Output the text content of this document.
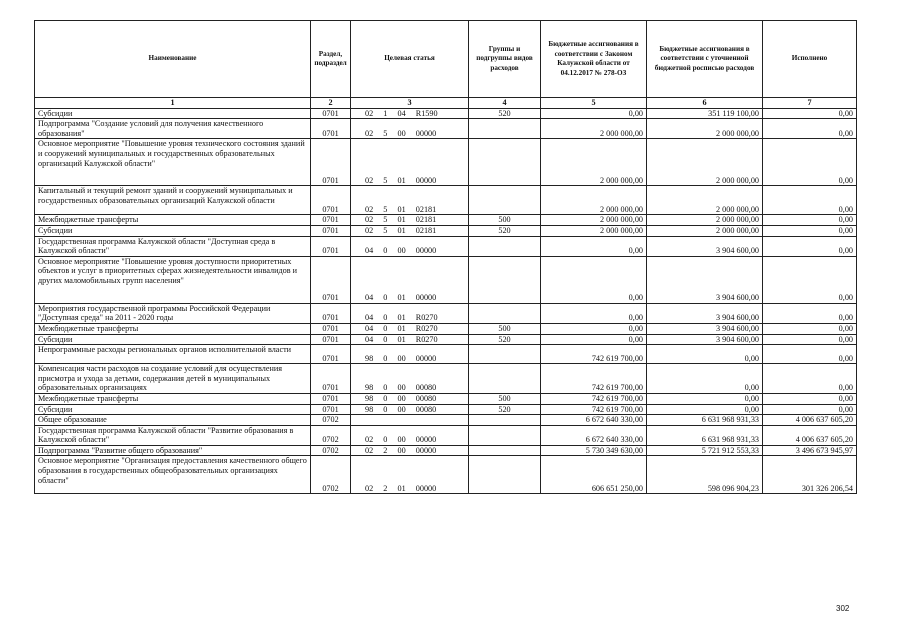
Наименование	Раздел, подраздел	Целевая статья	Группы и подгруппы видов расходов	Бюджетные ассигнования в соответствии с Законом Калужской области от 04.12.2017 № 278-ОЗ	Бюджетные ассигнования в соответствии с уточненной бюджетной росписью расходов	Исполнено
1	2	3	4	5	6	7
Субсидии	0701	02  1  04  R1590	520	0,00	351 119 100,00	0,00
Подпрограмма "Создание условий для получения качественного образования"	0701	02  5  00  00000		2 000 000,00	2 000 000,00	0,00
Основное мероприятие "Повышение уровня технического состояния зданий и сооружений муниципальных и государственных образовательных организаций Калужской области"	0701	02  5  01  00000		2 000 000,00	2 000 000,00	0,00
Капитальный и текущий ремонт зданий и сооружений муниципальных и государственных образовательных организаций Калужской области	0701	02  5  01  02181		2 000 000,00	2 000 000,00	0,00
Межбюджетные трансферты	0701	02  5  01  02181	500	2 000 000,00	2 000 000,00	0,00
Субсидии	0701	02  5  01  02181	520	2 000 000,00	2 000 000,00	0,00
Государственная программа Калужской области "Доступная среда в Калужской области"	0701	04  0  00  00000		0,00	3 904 600,00	0,00
Основное мероприятие "Повышение уровня доступности приоритетных объектов и услуг в приоритетных сферах жизнедеятельности инвалидов и других маломобильных групп населения"	0701	04  0  01  00000		0,00	3 904 600,00	0,00
Мероприятия государственной программы Российской Федерации "Доступная среда" на 2011 - 2020 годы	0701	04  0  01  R0270		0,00	3 904 600,00	0,00
Межбюджетные трансферты	0701	04  0  01  R0270	500	0,00	3 904 600,00	0,00
Субсидии	0701	04  0  01  R0270	520	0,00	3 904 600,00	0,00
Непрограммные расходы региональных органов исполнительной власти	0701	98  0  00  00000		742 619 700,00	0,00	0,00
Компенсация части расходов на создание условий для осуществления присмотра и ухода за детьми, содержания детей в муниципальных образовательных организациях	0701	98  0  00  00080		742 619 700,00	0,00	0,00
Межбюджетные трансферты	0701	98  0  00  00080	500	742 619 700,00	0,00	0,00
Субсидии	0701	98  0  00  00080	520	742 619 700,00	0,00	0,00
Общее образование	0702			6 672 640 330,00	6 631 968 931,33	4 006 637 605,20
Государственная программа Калужской области "Развитие образования в Калужской области"	0702	02  0  00  00000		6 672 640 330,00	6 631 968 931,33	4 006 637 605,20
Подпрограмма "Развитие общего образования"	0702	02  2  00  00000		5 730 349 630,00	5 721 912 553,33	3 496 673 945,97
Основное мероприятие "Организация предоставления качественного общего образования в государственных общеобразовательных организациях области"	0702	02  2  01  00000		606 651 250,00	598 096 904,23	301 326 206,54
302
